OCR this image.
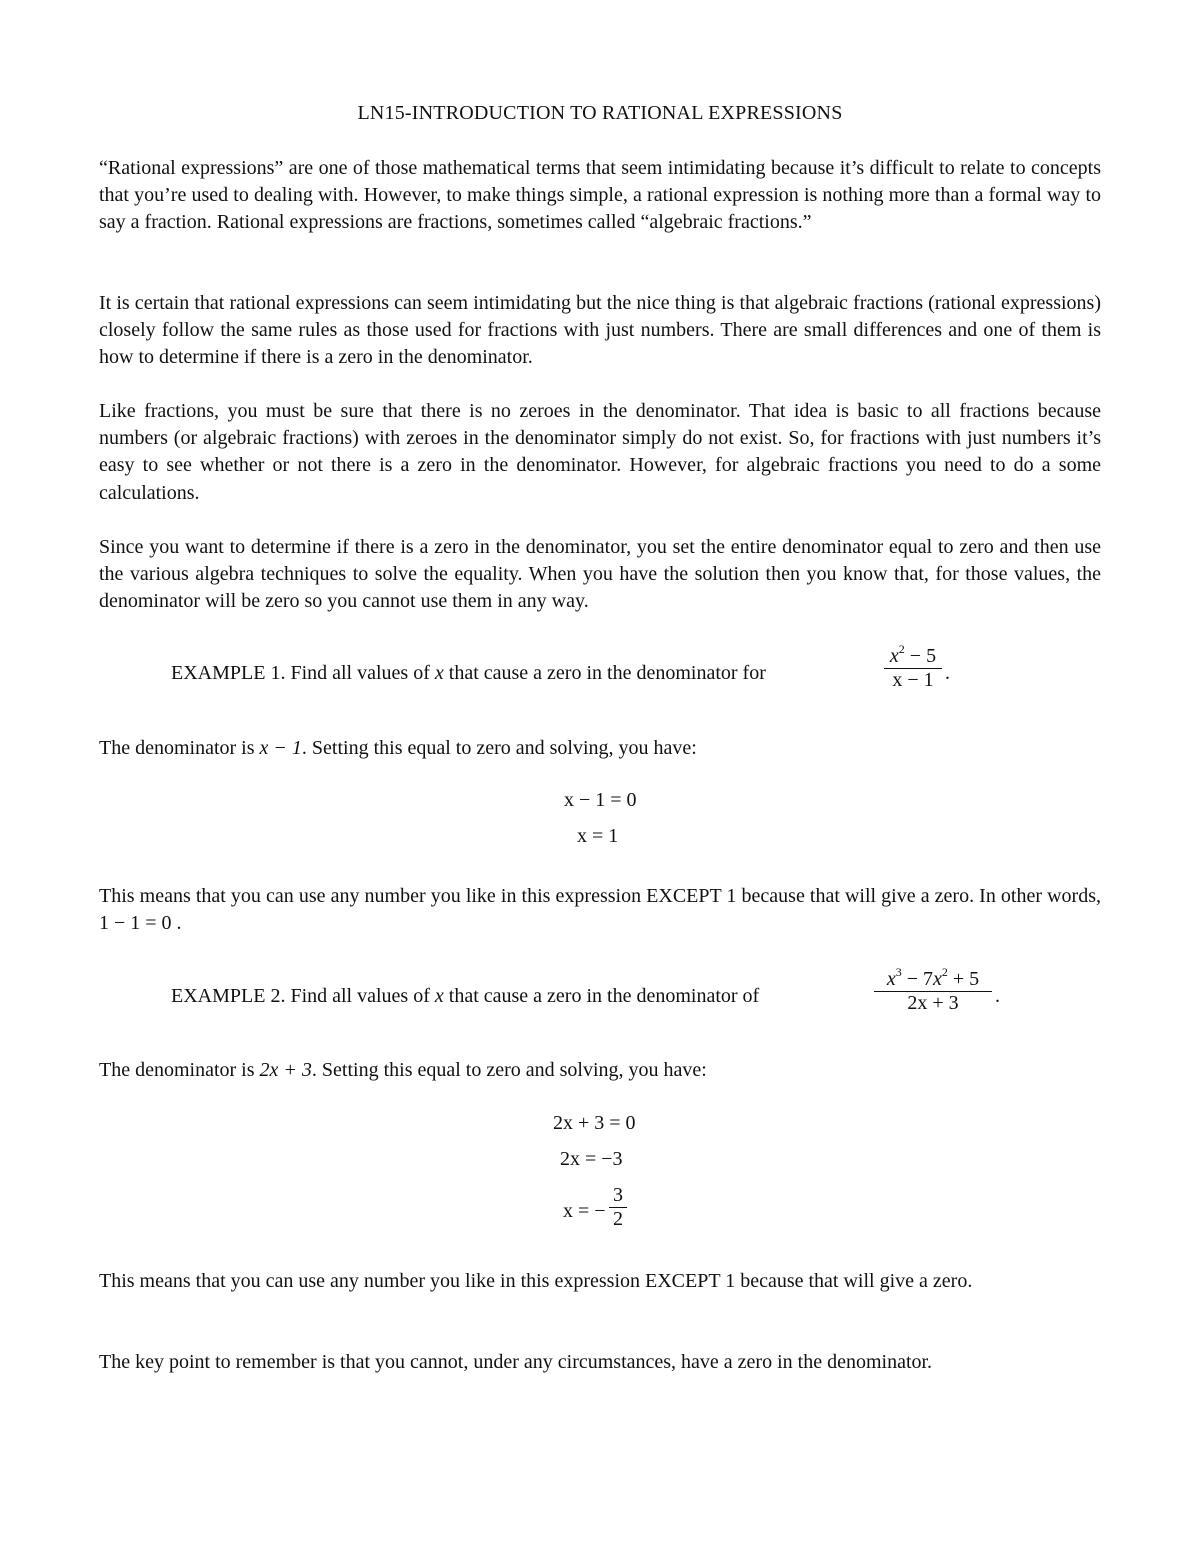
LN15-INTRODUCTION TO RATIONAL EXPRESSIONS

“Rational expressions” are one of those mathematical terms that seem intimidating because it’s difficult to relate to concepts that you’re used to dealing with. However, to make things simple, a rational expression is nothing more than a formal way to say a fraction. Rational expressions are fractions, sometimes called “algebraic fractions.”

It is certain that rational expressions can seem intimidating but the nice thing is that algebraic fractions (rational expressions) closely follow the same rules as those used for fractions with just numbers. There are small differences and one of them is how to determine if there is a zero in the denominator.

Like fractions, you must be sure that there is no zeroes in the denominator. That idea is basic to all fractions because numbers (or algebraic fractions) with zeroes in the denominator simply do not exist. So, for fractions with just numbers it’s easy to see whether or not there is a zero in the denominator. However, for algebraic fractions you need to do a some calculations.

Since you want to determine if there is a zero in the denominator, you set the entire denominator equal to zero and then use the various algebra techniques to solve the equality. When you have the solution then you know that, for those values, the denominator will be zero so you cannot use them in any way.

EXAMPLE 1. Find all values of x that cause a zero in the denominator for
$x^2 - 5$
x − 1 .
The denominator is x − 1. Setting this equal to zero and solving, you have:
x − 1 = 0
x = 1

This means that you can use any number you like in this expression EXCEPT 1 because that will give a zero. In other words, 1 − 1 = 0 .

EXAMPLE 2. Find all values of x that cause a zero in the denominator of
$x^3 - 7x^2 + 5$
2x + 3	.
The denominator is 2x + 3. Setting this equal to zero and solving, you have:
2x + 3 = 0
2x = −3
x = −
3
2

This means that you can use any number you like in this expression EXCEPT 1 because that will give a zero.

The key point to remember is that you cannot, under any circumstances, have a zero in the denominator.
